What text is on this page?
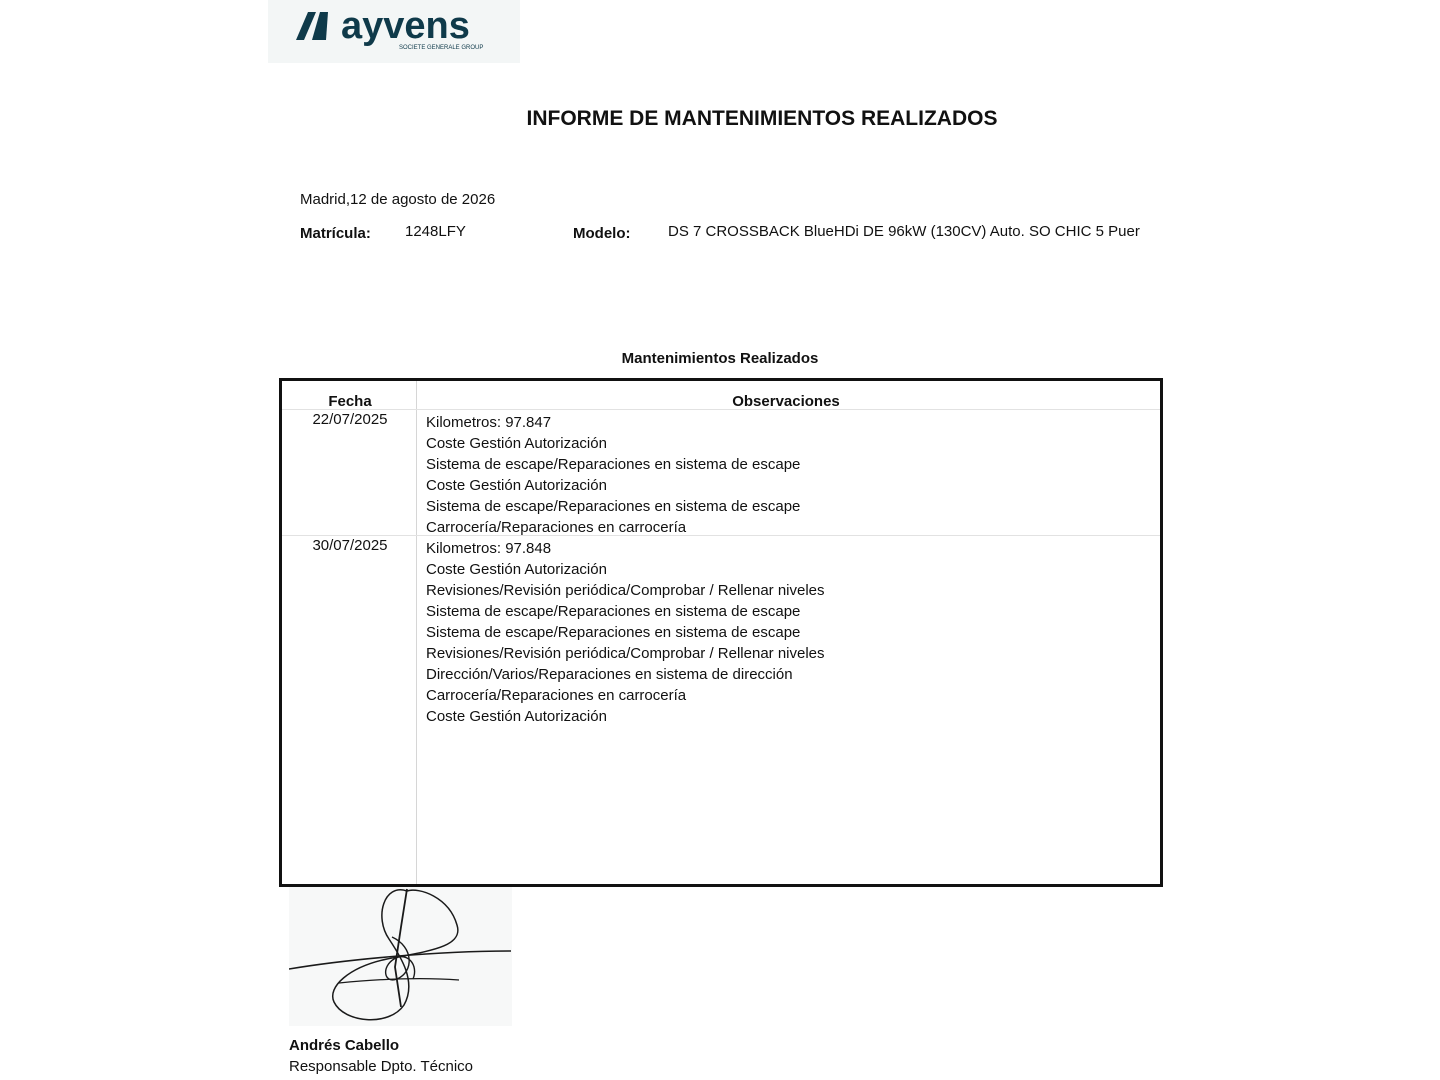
ayvens
SOCIETE GENERALE GROUP
INFORME DE MANTENIMIENTOS REALIZADOS
Madrid,12 de agosto de 2026
Matrícula: 1248LFY	Modelo:	DS 7 CROSSBACK BlueHDi DE 96kW (130CV) Auto. SO CHIC 5 Puer
Mantenimientos Realizados
Fecha	Observaciones
22/07/2025	Kilometros: 97.847
Coste Gestión Autorización
Sistema de escape/Reparaciones en sistema de escape
Coste Gestión Autorización
Sistema de escape/Reparaciones en sistema de escape
Carrocería/Reparaciones en carrocería
30/07/2025	Kilometros: 97.848
Coste Gestión Autorización
Revisiones/Revisión periódica/Comprobar / Rellenar niveles
Sistema de escape/Reparaciones en sistema de escape
Sistema de escape/Reparaciones en sistema de escape
Revisiones/Revisión periódica/Comprobar / Rellenar niveles
Dirección/Varios/Reparaciones en sistema de dirección
Carrocería/Reparaciones en carrocería
Coste Gestión Autorización
Andrés Cabello
Responsable Dpto. Técnico
